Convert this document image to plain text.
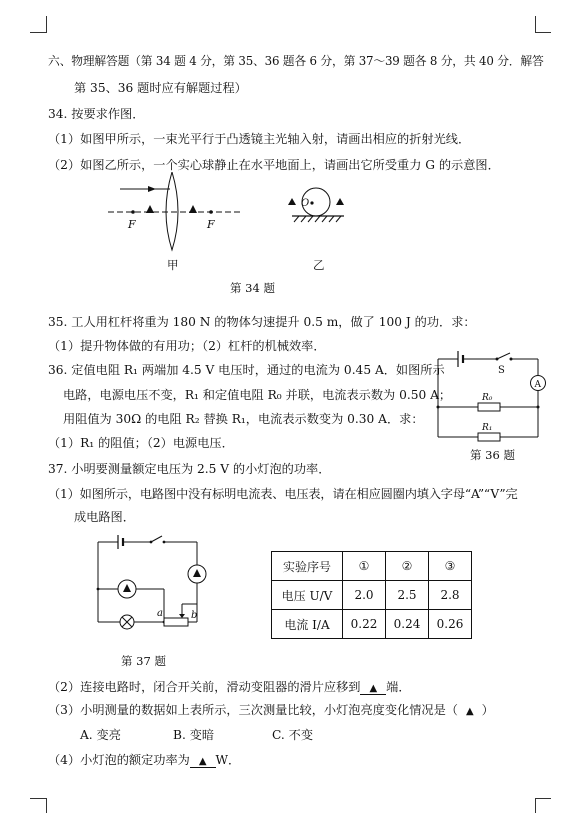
六、物理解答题（第 34 题 4 分，第 35、36 题各 6 分，第 37～39 题各 8 分，共 40 分．解答
第 35、36 题时应有解题过程）
34. 按要求作图．
（1）如图甲所示，一束光平行于凸透镜主光轴入射，请画出相应的折射光线．
（2）如图乙所示，一个实心球静止在水平地面上，请画出它所受重力 G 的示意图．
F	F
甲
O
乙
第 34 题
35. 工人用杠杆将重为 180 N 的物体匀速提升 0.5 m，做了 100 J 的功．求：
（1）提升物体做的有用功；（2）杠杆的机械效率．
36. 定值电阻 R₁ 两端加 4.5 V 电压时，通过的电流为 0.45 A．如图所示
电路，电源电压不变，R₁ 和定值电阻 R₀ 并联，电流表示数为 0.50 A；
用阻值为 30Ω 的电阻 R₂ 替换 R₁，电流表示数变为 0.30 A．求：
（1）R₁ 的阻值；（2）电源电压．
S
A
R₀
R₁
第 36 题
37. 小明要测量额定电压为 2.5 V 的小灯泡的功率．
（1）如图所示，电路图中没有标明电流表、电压表，请在相应圆圈内填入字母“A”“V”完
成电路图．
a	b
第 37 题
实验序号	①	②	③
电压 U/V	2.0	2.5	2.8
电流 I/A	0.22	0.24	0.26
（2）连接电路时，闭合开关前，滑动变阻器的滑片应移到 ▲ 端．
（3）小明测量的数据如上表所示，三次测量比较，小灯泡亮度变化情况是（ ▲ ）
A. 变亮	B. 变暗	C. 不变
（4）小灯泡的额定功率为 ▲ W．
